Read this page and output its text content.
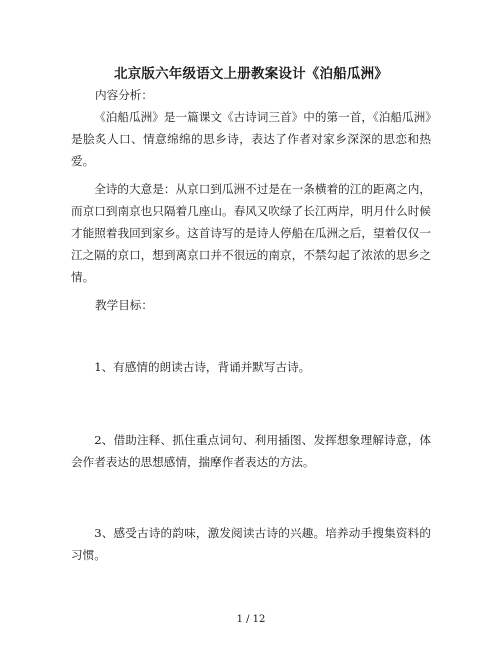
北京版六年级语文上册教案设计《泊船瓜洲》
内容分析：
《泊船瓜洲》是一篇课文《古诗词三首》中的第一首，《泊船瓜洲》是脍炙人口、情意绵绵的思乡诗，表达了作者对家乡深深的思恋和热爱。
全诗的大意是：从京口到瓜洲不过是在一条横着的江的距离之内，而京口到南京也只隔着几座山。春风又吹绿了长江两岸，明月什么时候才能照着我回到家乡。这首诗写的是诗人停船在瓜洲之后，望着仅仅一江之隔的京口，想到离京口并不很远的南京，不禁勾起了浓浓的思乡之情。
教学目标：
1、有感情的朗读古诗，背诵并默写古诗。
2、借助注释、抓住重点词句、利用插图、发挥想象理解诗意，体会作者表达的思想感情，揣摩作者表达的方法。
3、感受古诗的韵味，激发阅读古诗的兴趣。培养动手搜集资料的习惯。
1 / 12
